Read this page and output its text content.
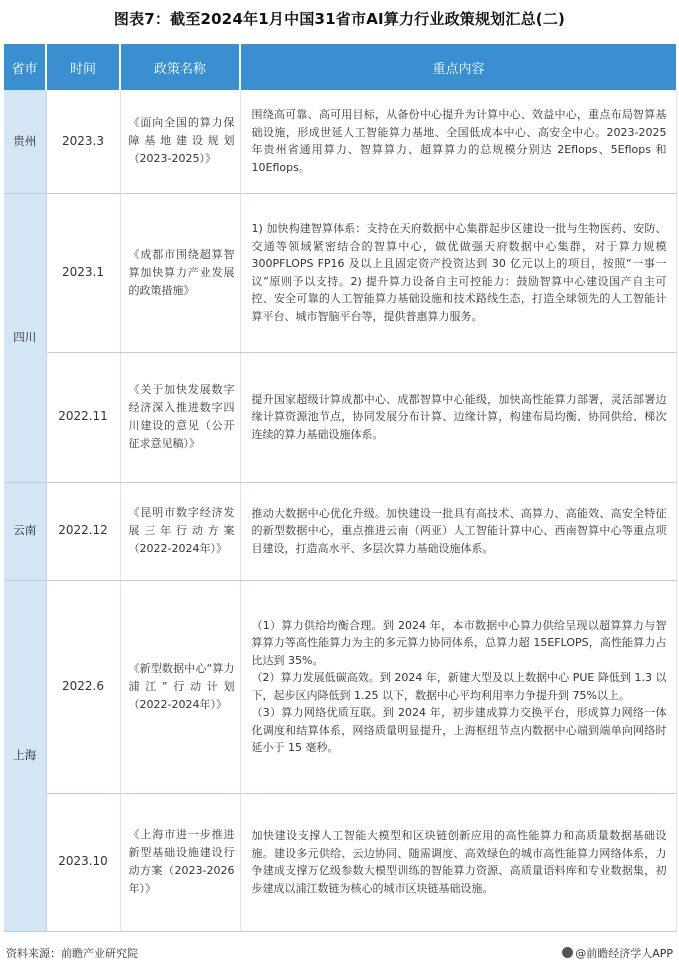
图表7：截至2024年1月中国31省市AI算力行业政策规划汇总(二)
省市	时间	政策名称	重点内容
贵州	2023.3	《面向全国的算力保障基地建设规划（2023-2025）》	围绕高可靠、高可用目标，从备份中心提升为计算中心、效益中心，重点布局智算基础设施，形成世延人工智能算力基地、全国低成本中心、高安全中心。2023-2025 年贵州省通用算力、智算算力、超算算力的总规模分别达 2Eflops、5Eflops 和 10Eflops。
四川	2023.1	《成都市围绕超算智算加快算力产业发展的政策措施》	1) 加快构建智算体系：支持在天府数据中心集群起步区建设一批与生物医药、安防、交通等领域紧密结合的智算中心，做优做强天府数据中心集群，对于算力规模 300PFLOPS FP16 及以上且固定资产投资达到 30 亿元以上的项目，按照“一事一议”原则予以支持。2) 提升算力设备自主可控能力：鼓励智算中心建设国产自主可控、安全可靠的人工智能算力基础设施和技术路线生态，打造全球领先的人工智能计算平台、城市智脑平台等，提供普惠算力服务。
	2022.11	《关于加快发展数字经济深入推进数字四川建设的意见（公开征求意见稿）》	提升国家超级计算成都中心、成都智算中心能级，加快高性能算力部署，灵活部署边缘计算资源池节点，协同发展分布计算、边缘计算，构建布局均衡、协同供给、梯次连续的算力基础设施体系。
云南	2022.12	《昆明市数字经济发展三年行动方案（2022-2024年）》	推动大数据中心优化升级。加快建设一批具有高技术、高算力、高能效、高安全特征的新型数据中心，重点推进云南（两亚）人工智能计算中心、西南智算中心等重点项目建设，打造高水平、多层次算力基础设施体系。
上海	2022.6	《新型数据中心“算力浦江”行动计划（2022-2024年）》	（1）算力供给均衡合理。到 2024 年，本市数据中心算力供给呈现以超算算力与智算算力等高性能算力为主的多元算力协同体系，总算力超 15EFLOPS，高性能算力占比达到 35%。
（2）算力发展低碳高效。到 2024 年，新建大型及以上数据中心 PUE 降低到 1.3 以下，起步区内降低到 1.25 以下，数据中心平均利用率力争提升到 75%以上。
（3）算力网络优质互联。到 2024 年，初步建成算力交换平台，形成算力网络一体化调度和结算体系，网络质量明显提升，上海枢纽节点内数据中心端到端单向网络时延小于 15 毫秒。

	2023.10	《上海市进一步推进新型基础设施建设行动方案（2023-2026年）》	加快建设支撑人工智能大模型和区块链创新应用的高性能算力和高质量数据基础设施。建设多元供给、云边协同、随需调度、高效绿色的城市高性能算力网络体系，力争建成支撑万亿级参数大模型训练的智能算力资源、高质量语料库和专业数据集，初步建成以浦江数链为核心的城市区块链基础设施。
资料来源：前瞻产业研究院	@前瞻经济学人APP
